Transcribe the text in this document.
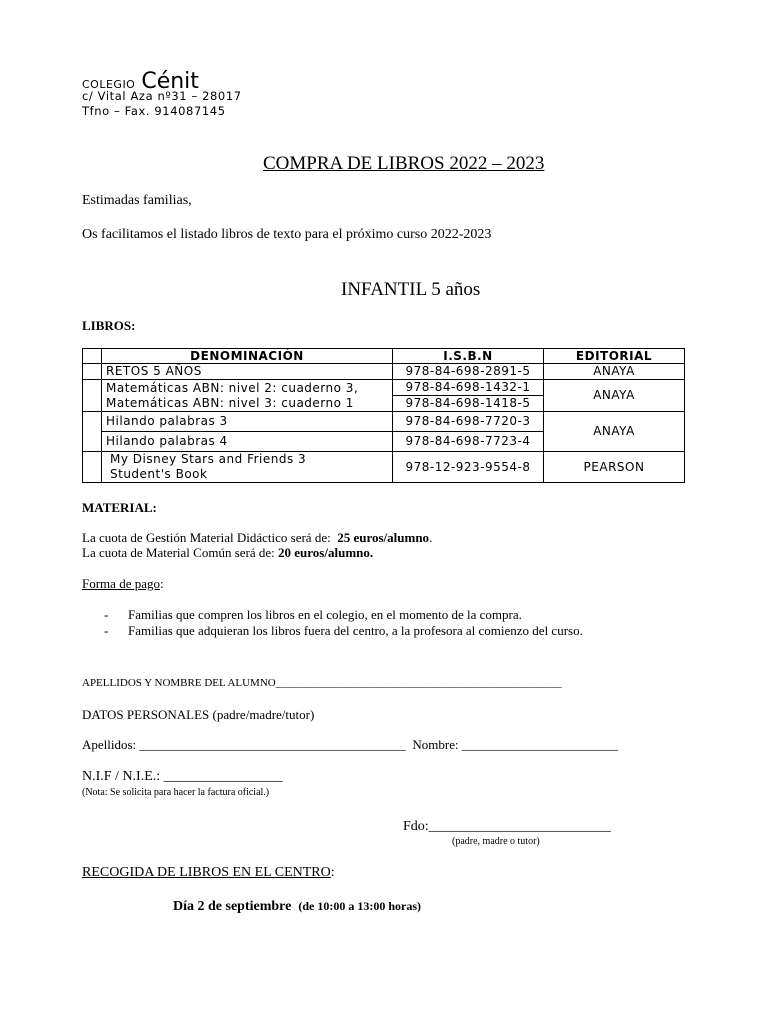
COLEGIO Cénit
c/ Vital Aza nº31 – 28017
Tfno – Fax. 914087145
COMPRA DE LIBROS 2022 – 2023
Estimadas familias,
Os facilitamos el listado libros de texto para el próximo curso 2022-2023
INFANTIL 5 años
LIBROS:
	DENOMINACIÓN	I.S.B.N	EDITORIAL
	RETOS 5 AÑOS	978-84-698-2891-5	ANAYA

	Matemáticas ABN: nivel 2: cuaderno 3,
Matemáticas ABN: nivel 3: cuaderno 1	978-84-698-1432-1	ANAYA
		978-84-698-1418-5	
	Hilando palabras 3	978-84-698-7720-3	ANAYA
	Hilando palabras 4	978-84-698-7723-4	

	My Disney Stars and Friends 3
Student's Book	978-12-923-9554-8	PEARSON
MATERIAL:
La cuota de Gestión Material Didáctico será de: 25 euros/alumno.
La cuota de Material Común será de: 20 euros/alumno.
Forma de pago:
- Familias que compren los libros en el colegio, en el momento de la compra.
- Familias que adquieran los libros fuera del centro, a la profesora al comienzo del curso.
APELLIDOS Y NOMBRE DEL ALUMNO____________________________________________________
DATOS PERSONALES (padre/madre/tutor)
Apellidos: _________________________________________ Nombre: ________________________
N.I.F / N.I.E.: _________________
(Nota: Se solicita para hacer la factura oficial.)
Fdo:__________________________
(padre, madre o tutor)
RECOGIDA DE LIBROS EN EL CENTRO:
Día 2 de septiembre (de 10:00 a 13:00 horas)
